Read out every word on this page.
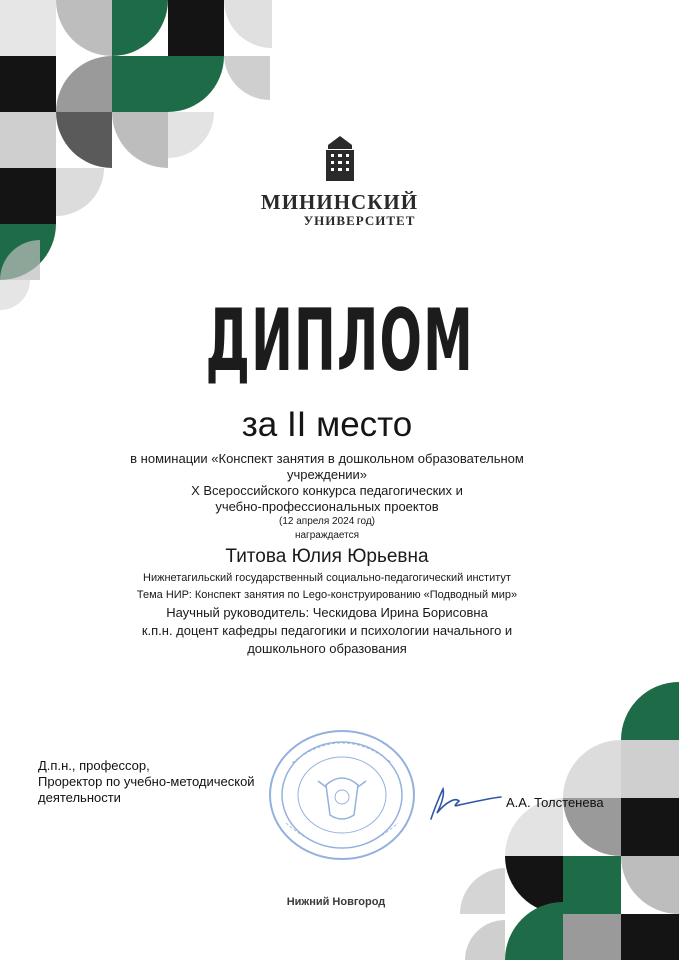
МИНИНСКИЙ
УНИВЕРСИТЕТ
ДИПЛОМ
за II место
в номинации «Конспект занятия в дошкольном образовательном
учреждении»
X Всероссийского конкурса педагогических и
учебно-профессиональных проектов
(12 апреля 2024 год)
награждается
Титова Юлия Юрьевна
Нижнетагильский государственный социально-педагогический институт
Тема НИР: Конспект занятия по Lego-конструированию «Подводный мир»
Научный руководитель: Ческидова Ирина Борисовна
к.п.н. доцент кафедры педагогики и психологии начального и
дошкольного образования
Д.п.н., профессор,
Проректор по учебно-методической
деятельности	А.А. Толстенева
Нижний Новгород
